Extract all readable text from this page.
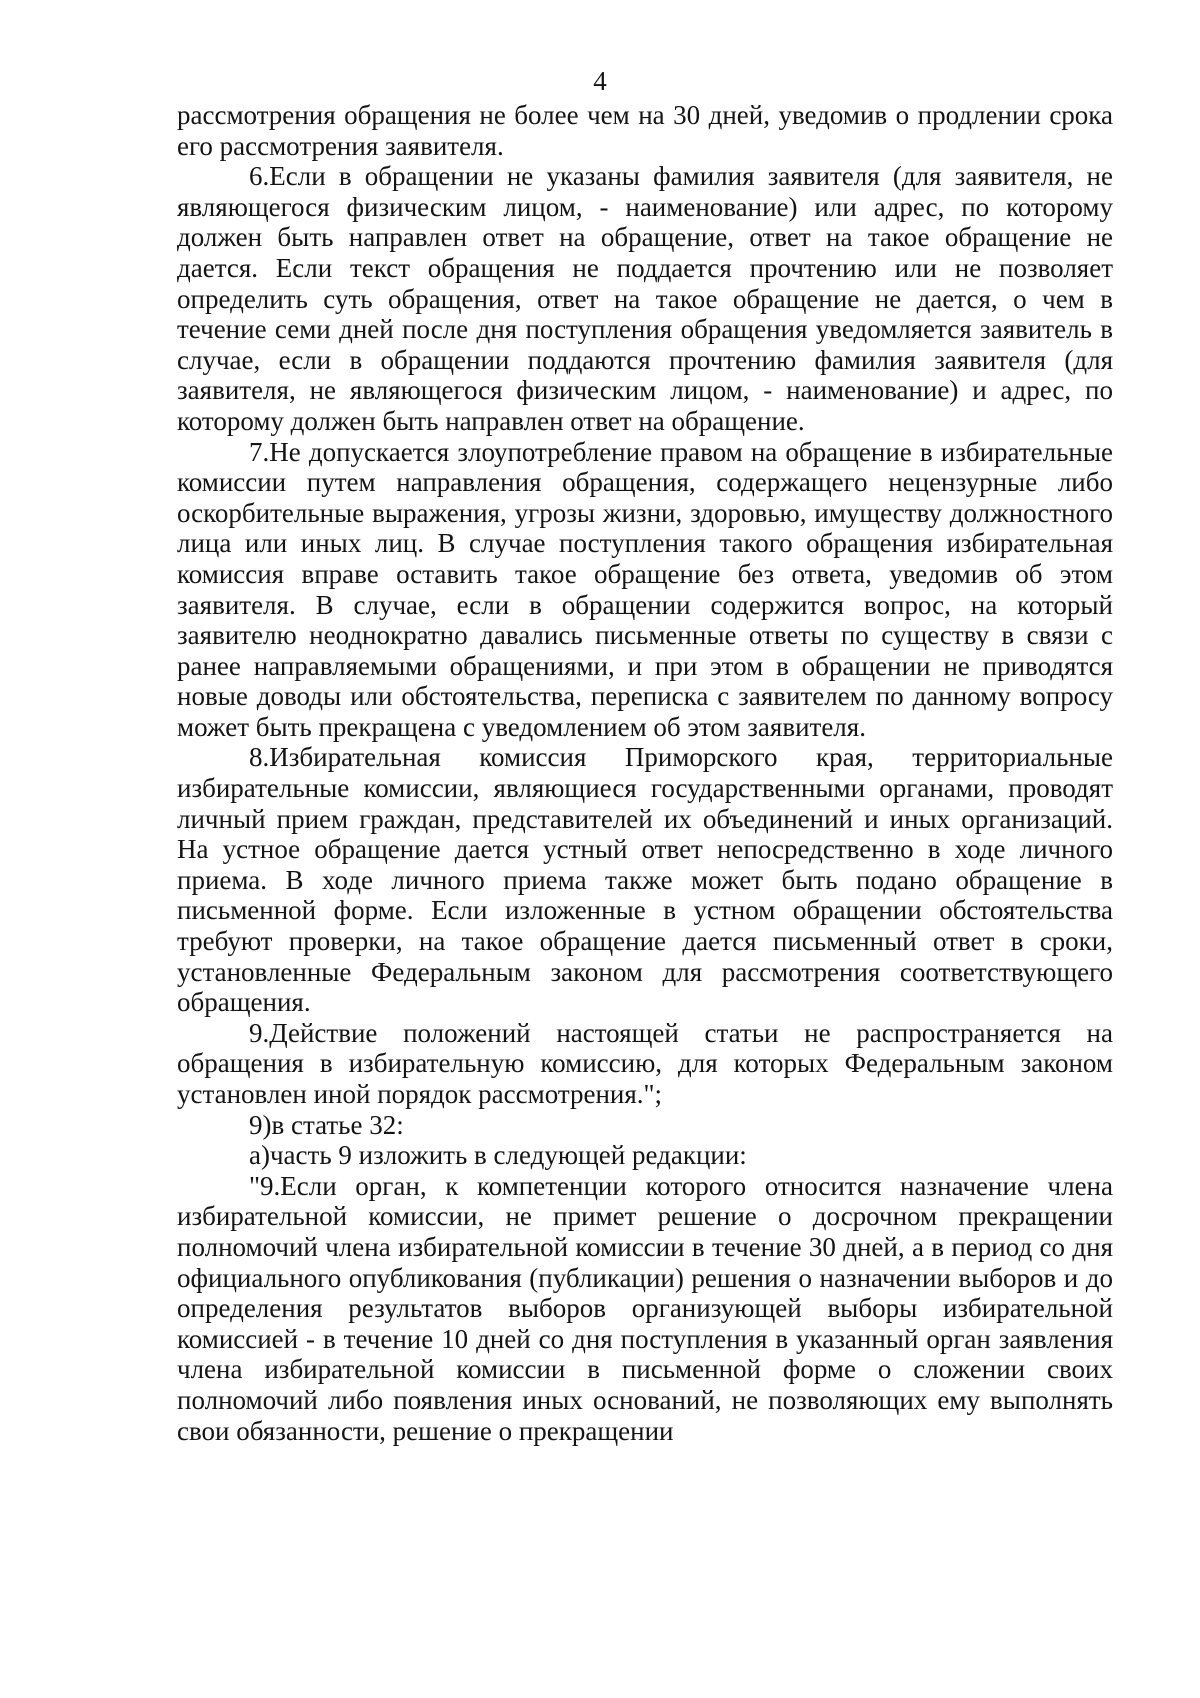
4

рассмотрения обращения не более чем на 30 дней, уведомив о продлении срока его рассмотрения заявителя.

6.Если в обращении не указаны фамилия заявителя (для заявителя, не являющегося физическим лицом, - наименование) или адрес, по которому должен быть направлен ответ на обращение, ответ на такое обращение не дается. Если текст обращения не поддается прочтению или не позволяет определить суть обращения, ответ на такое обращение не дается, о чем в течение семи дней после дня поступления обращения уведомляется заявитель в случае, если в обращении поддаются прочтению фамилия заявителя (для заявителя, не являющегося физическим лицом, - наименование) и адрес, по которому должен быть направлен ответ на обращение.

7.Не допускается злоупотребление правом на обращение в избирательные комиссии путем направления обращения, содержащего нецензурные либо оскорбительные выражения, угрозы жизни, здоровью, имуществу должностного лица или иных лиц. В случае поступления такого обращения избирательная комиссия вправе оставить такое обращение без ответа, уведомив об этом заявителя. В случае, если в обращении содержится вопрос, на который заявителю неоднократно давались письменные ответы по существу в связи с ранее направляемыми обращениями, и при этом в обращении не приводятся новые доводы или обстоятельства, переписка с заявителем по данному вопросу может быть прекращена с уведомлением об этом заявителя.

8.Избирательная комиссия Приморского края, территориальные избирательные комиссии, являющиеся государственными органами, проводят личный прием граждан, представителей их объединений и иных организаций. На устное обращение дается устный ответ непосредственно в ходе личного приема. В ходе личного приема также может быть подано обращение в письменной форме. Если изложенные в устном обращении обстоятельства требуют проверки, на такое обращение дается письменный ответ в сроки, установленные Федеральным законом для рассмотрения соответствующего обращения.

9.Действие положений настоящей статьи не распространяется на обращения в избирательную комиссию, для которых Федеральным законом установлен иной порядок рассмотрения.";

9)в статье 32:

а)часть 9 изложить в следующей редакции:

"9.Если орган, к компетенции которого относится назначение члена избирательной комиссии, не примет решение о досрочном прекращении полномочий члена избирательной комиссии в течение 30 дней, а в период со дня официального опубликования (публикации) решения о назначении выборов и до определения результатов выборов организующей выборы избирательной комиссией - в течение 10 дней со дня поступления в указанный орган заявления члена избирательной комиссии в письменной форме о сложении своих полномочий либо появления иных оснований, не позволяющих ему выполнять свои обязанности, решение о прекращении
